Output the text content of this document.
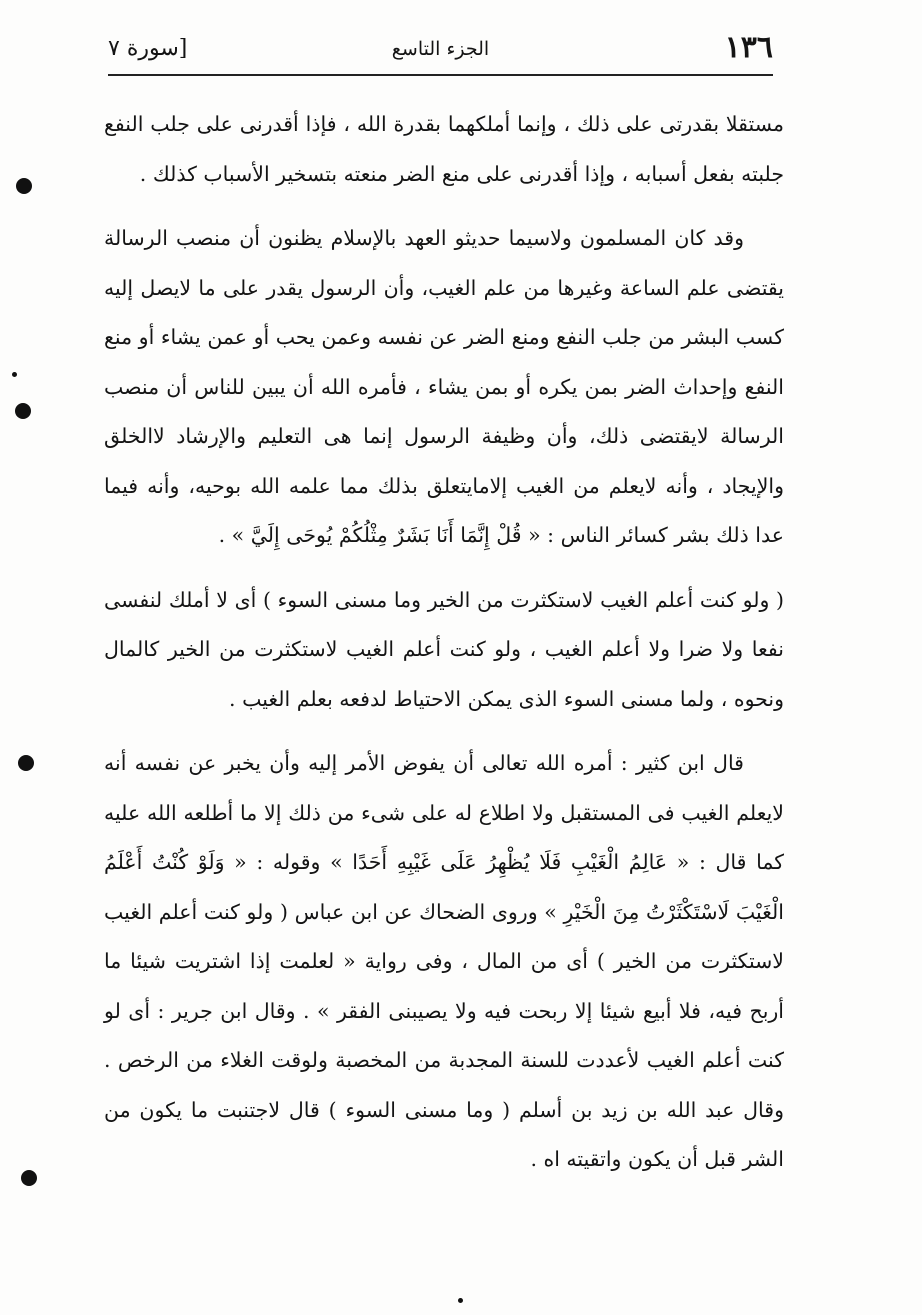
١٣٦
الجزء التاسع
[سورة ٧

مستقلا بقدرتى على ذلك ، وإنما أملكهما بقدرة الله ، فإذا أقدرنى على جلب النفع جلبته بفعل أسبابه ، وإذا أقدرنى على منع الضر منعته بتسخير الأسباب كذلك .

وقد كان المسلمون ولاسيما حديثو العهد بالإسلام يظنون أن منصب الرسالة يقتضى علم الساعة وغيرها من علم الغيب، وأن الرسول يقدر على ما لايصل إليه كسب البشر من جلب النفع ومنع الضر عن نفسه وعمن يحب أو عمن يشاء أو منع النفع وإحداث الضر بمن يكره أو بمن يشاء ، فأمره الله أن يبين للناس أن منصب الرسالة لايقتضى ذلك، وأن وظيفة الرسول إنما هى التعليم والإرشاد لاالخلق والإيجاد ، وأنه لايعلم من الغيب إلامايتعلق بذلك مما علمه الله بوحيه، وأنه فيما عدا ذلك بشر كسائر الناس : « قُلْ إِنَّمَا أَنَا بَشَرٌ مِثْلُكُمْ يُوحَى إِلَيَّ » .

( ولو كنت أعلم الغيب لاستكثرت من الخير وما مسنى السوء ) أى لا أملك لنفسى نفعا ولا ضرا ولا أعلم الغيب ، ولو كنت أعلم الغيب لاستكثرت من الخير كالمال ونحوه ، ولما مسنى السوء الذى يمكن الاحتياط لدفعه بعلم الغيب .

قال ابن كثير : أمره الله تعالى أن يفوض الأمر إليه وأن يخبر عن نفسه أنه لايعلم الغيب فى المستقبل ولا اطلاع له على شىء من ذلك إلا ما أطلعه الله عليه كما قال : « عَالِمُ الْغَيْبِ فَلَا يُظْهِرُ عَلَى غَيْبِهِ أَحَدًا » وقوله : « وَلَوْ كُنْتُ أَعْلَمُ الْغَيْبَ لَاسْتَكْثَرْتُ مِنَ الْخَيْرِ » وروى الضحاك عن ابن عباس ( ولو كنت أعلم الغيب لاستكثرت من الخير ) أى من المال ، وفى رواية « لعلمت إذا اشتريت شيئا ما أربح فيه، فلا أبيع شيئا إلا ربحت فيه ولا يصيبنى الفقر » . وقال ابن جرير : أى لو كنت أعلم الغيب لأعددت للسنة المجدبة من المخصبة ولوقت الغلاء من الرخص . وقال عبد الله بن زيد بن أسلم ( وما مسنى السوء ) قال لاجتنبت ما يكون من الشر قبل أن يكون واتقيته اه .
